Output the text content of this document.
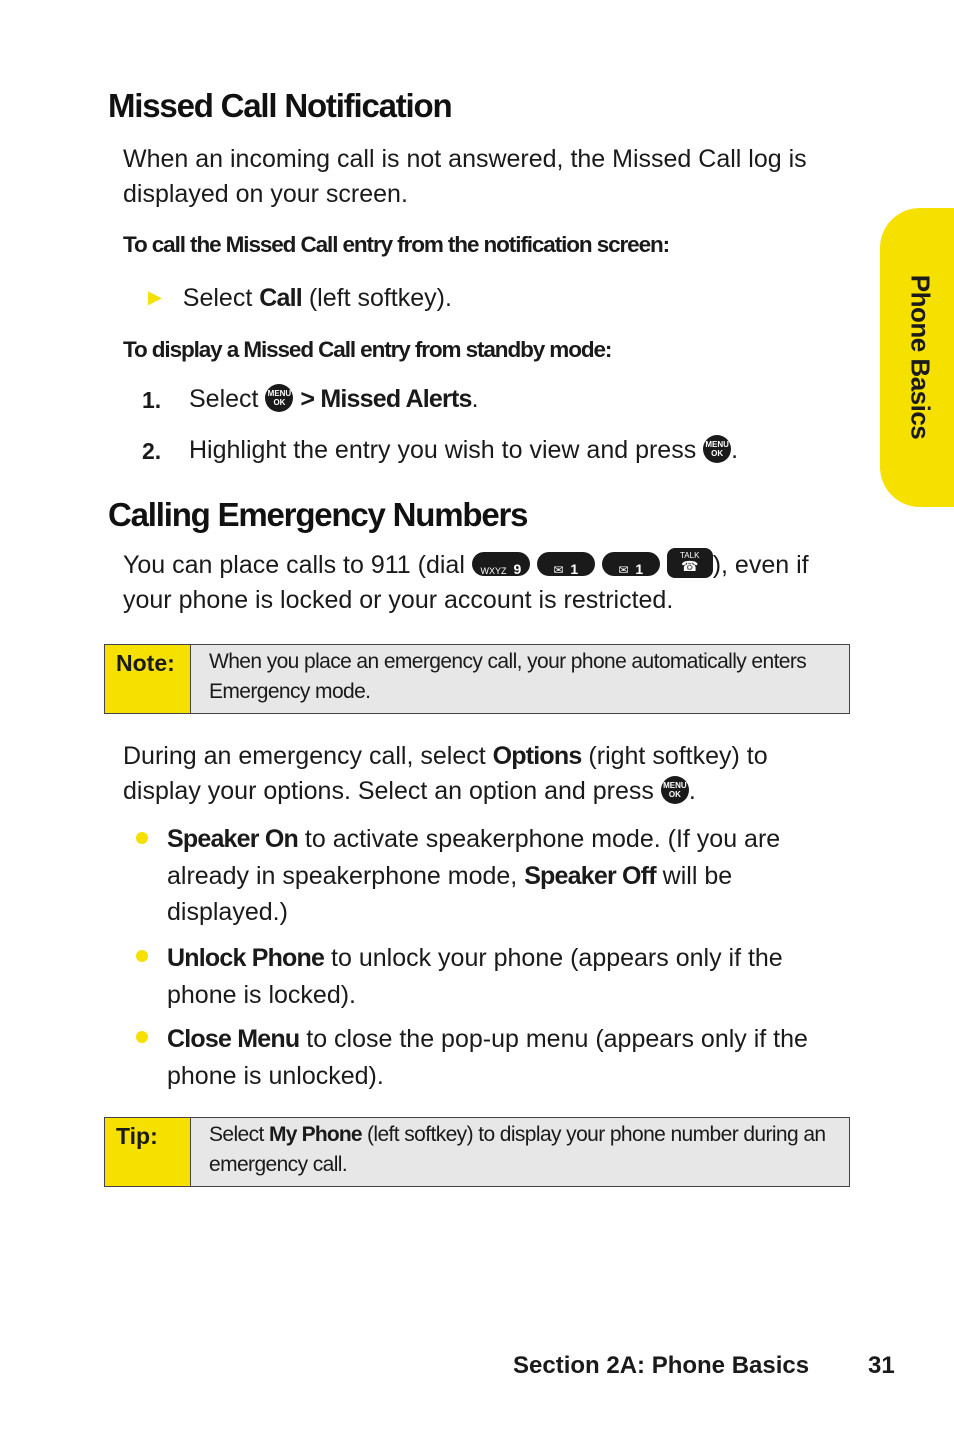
Missed Call Notification
When an incoming call is not answered, the Missed Call log is displayed on your screen.
To call the Missed Call entry from the notification screen:
▶ Select Call (left softkey).
To display a Missed Call entry from standby mode:
1. Select MENU
OK > Missed Alerts.
2. Highlight the entry you wish to view and press MENU
OK .
Calling Emergency Numbers
You can place calls to 911 (dial WXYZ 9	✉ 1	✉ 1 TALK
☎ ), even if
your phone is locked or your account is restricted.
Note:	When you place an emergency call, your phone automatically enters Emergency mode.
During an emergency call, select Options (right softkey) to
display your options. Select an option and press MENU
OK .
Speaker On to activate speakerphone mode. (If you are already in speakerphone mode, Speaker Off will be displayed.)
Unlock Phone to unlock your phone (appears only if the phone is locked).
Close Menu to close the pop-up menu (appears only if the phone is unlocked).
Tip:	Select My Phone (left softkey) to display your phone number during an emergency call.
Phone Basics
Section 2A: Phone Basics 31
